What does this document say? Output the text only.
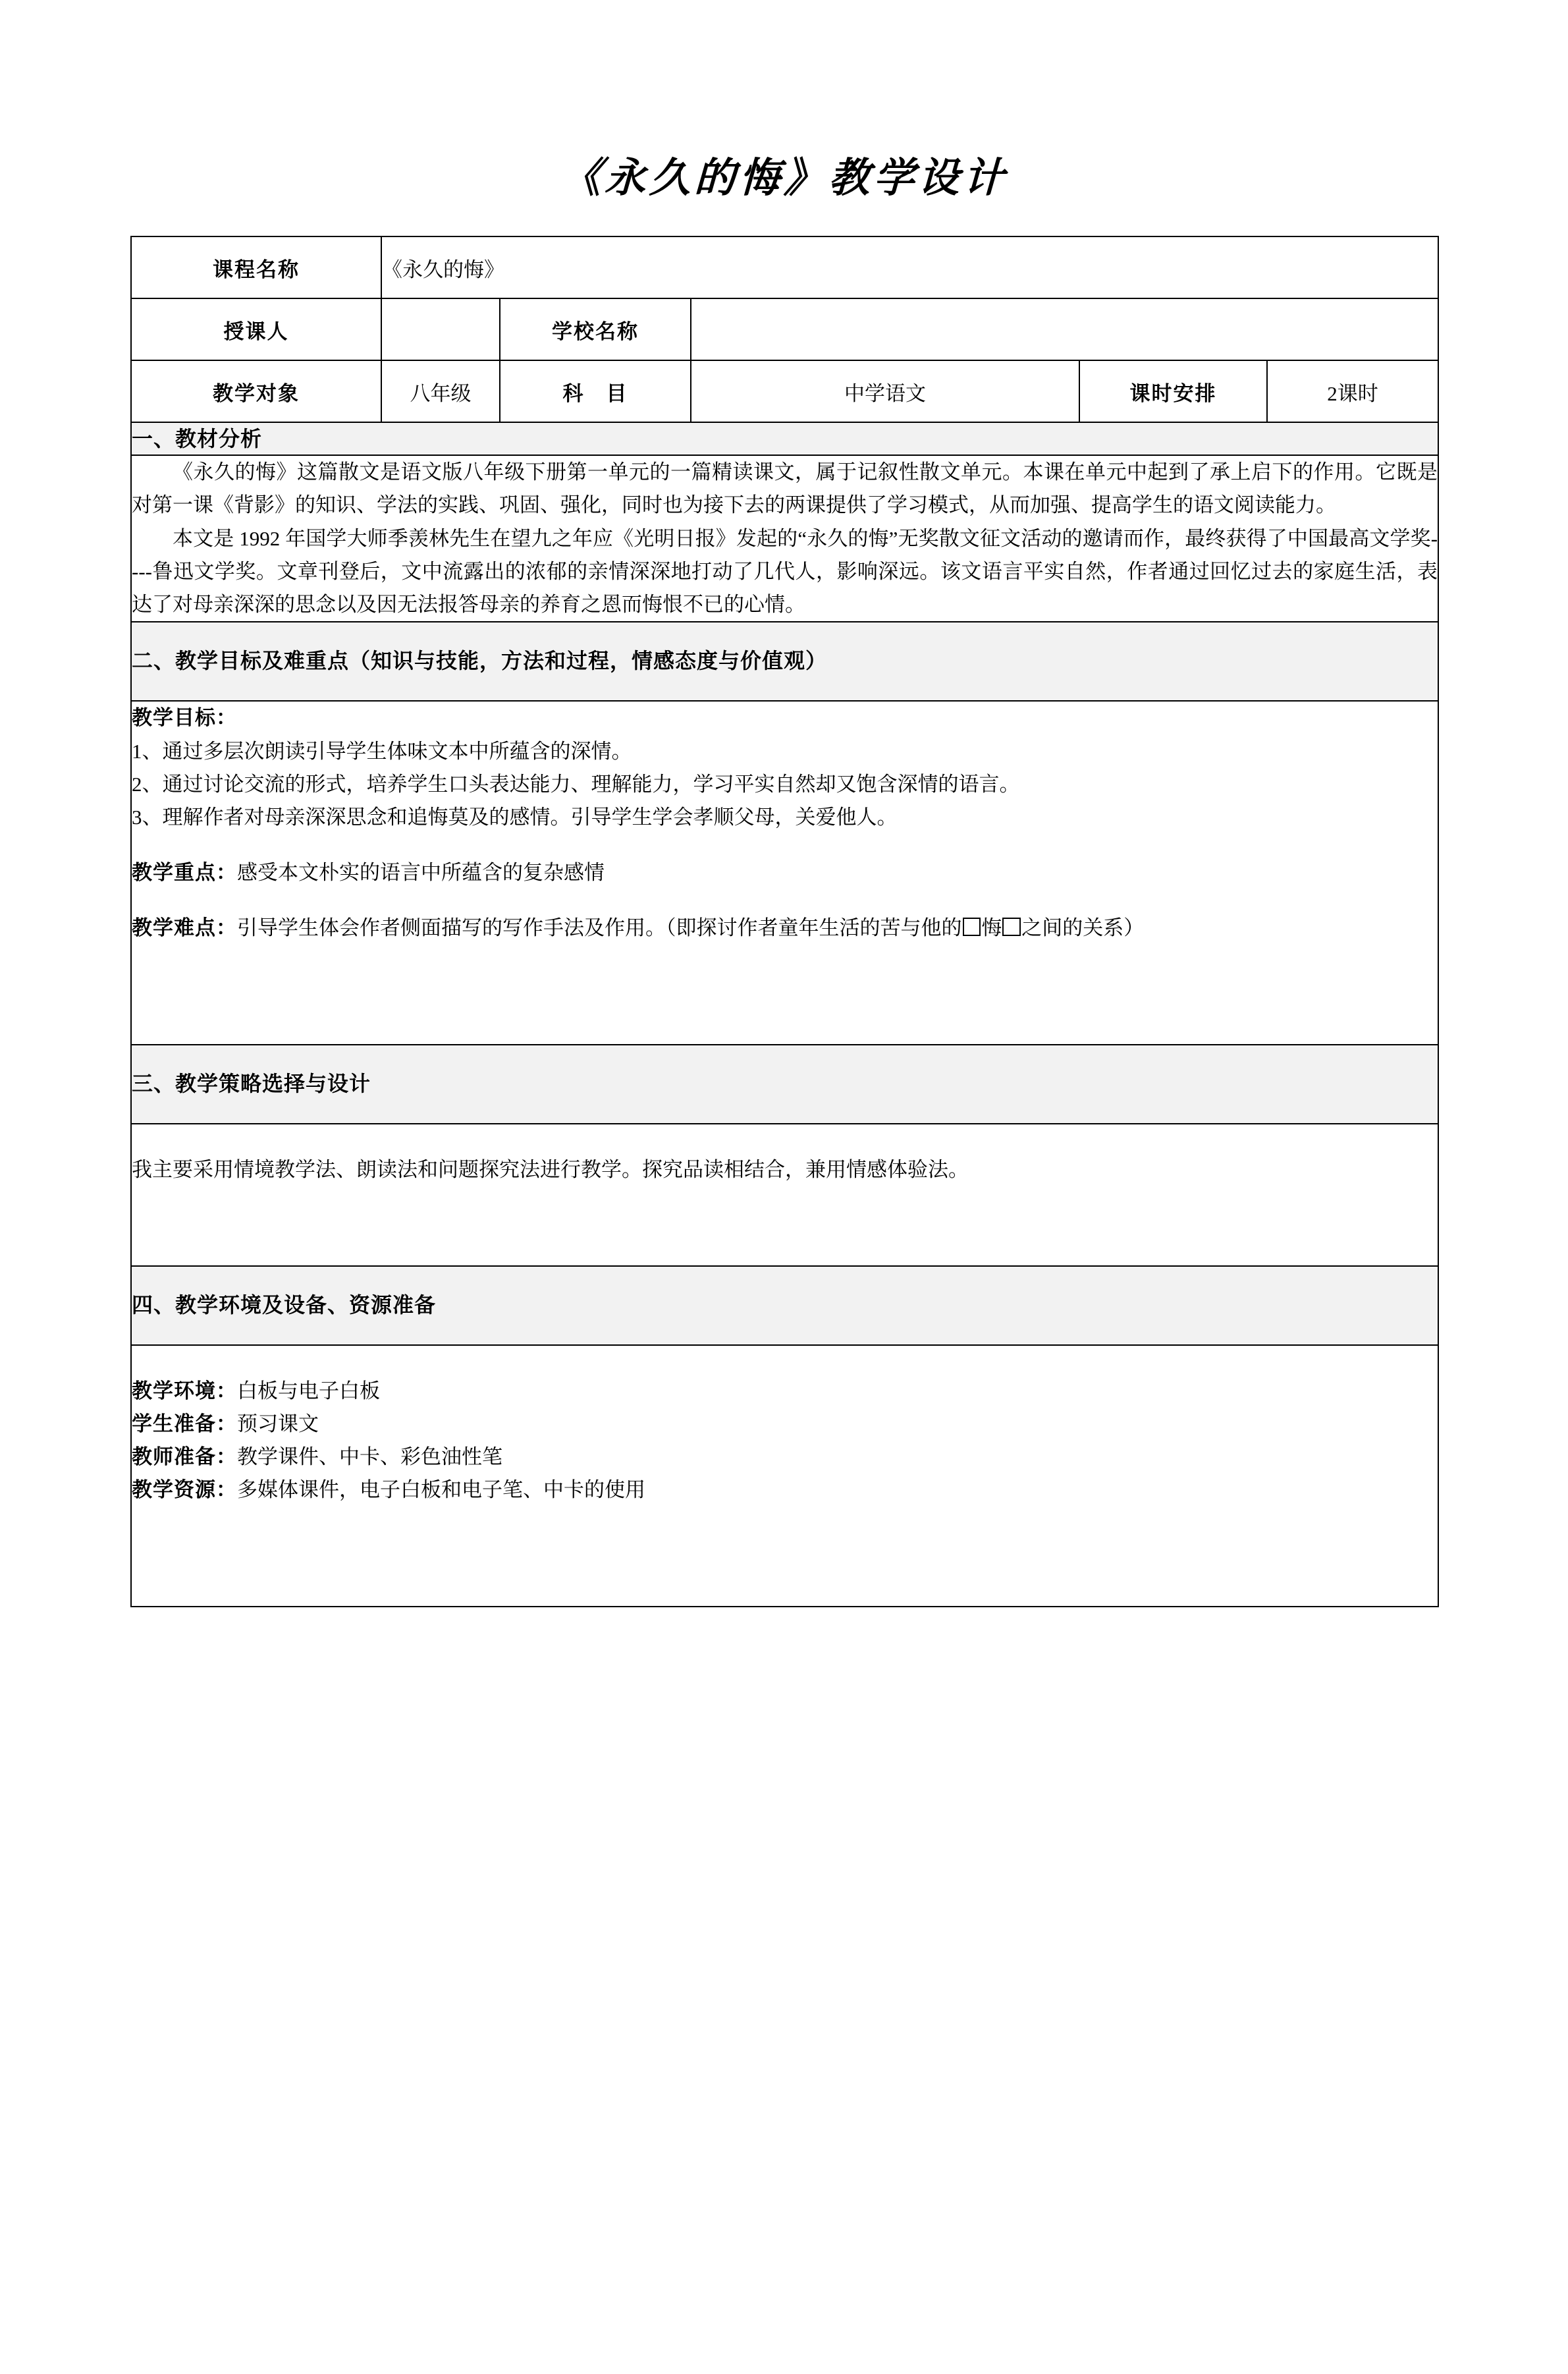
《永久的悔》教学设计
课程名称	《永久的悔》				
授课人		学校名称			
教学对象	八年级	科　目	中学语文	课时安排	2课时
一、教材分析					

《永久的悔》这篇散文是语文版八年级下册第一单元的一篇精读课文，属于记叙性散文单元。本课在单元中起到了承上启下的作用。它既是对第一课《背影》的知识、学法的实践、巩固、强化，同时也为接下去的两课提供了学习模式，从而加强、提高学生的语文阅读能力。

本文是 1992 年国学大师季羡林先生在望九之年应《光明日报》发起的“永久的悔”无奖散文征文活动的邀请而作，最终获得了中国最高文学奖----鲁迅文学奖。文章刊登后，文中流露出的浓郁的亲情深深地打动了几代人，影响深远。该文语言平实自然，作者通过回忆过去的家庭生活，表达了对母亲深深的思念以及因无法报答母亲的养育之恩而悔恨不已的心情。					

二、教学目标及难重点（知识与技能，方法和过程，情感态度与价值观）					

教学目标：
1、通过多层次朗读引导学生体味文本中所蕴含的深情。
2、通过讨论交流的形式，培养学生口头表达能力、理解能力，学习平实自然却又饱含深情的语言。
3、理解作者对母亲深深思念和追悔莫及的感情。引导学生学会孝顺父母，关爱他人。
教学重点：感受本文朴实的语言中所蕴含的复杂感情
教学难点：引导学生体会作者侧面描写的写作手法及作用。（即探讨作者童年生活的苦与他的 悔 之间的关系）

三、教学策略选择与设计					

我主要采用情境教学法、朗读法和问题探究法进行教学。探究品读相结合，兼用情感体验法。					

四、教学环境及设备、资源准备					

教学环境：白板与电子白板
学生准备：预习课文
教师准备：教学课件、中卡、彩色油性笔
教学资源：多媒体课件，电子白板和电子笔、中卡的使用					
